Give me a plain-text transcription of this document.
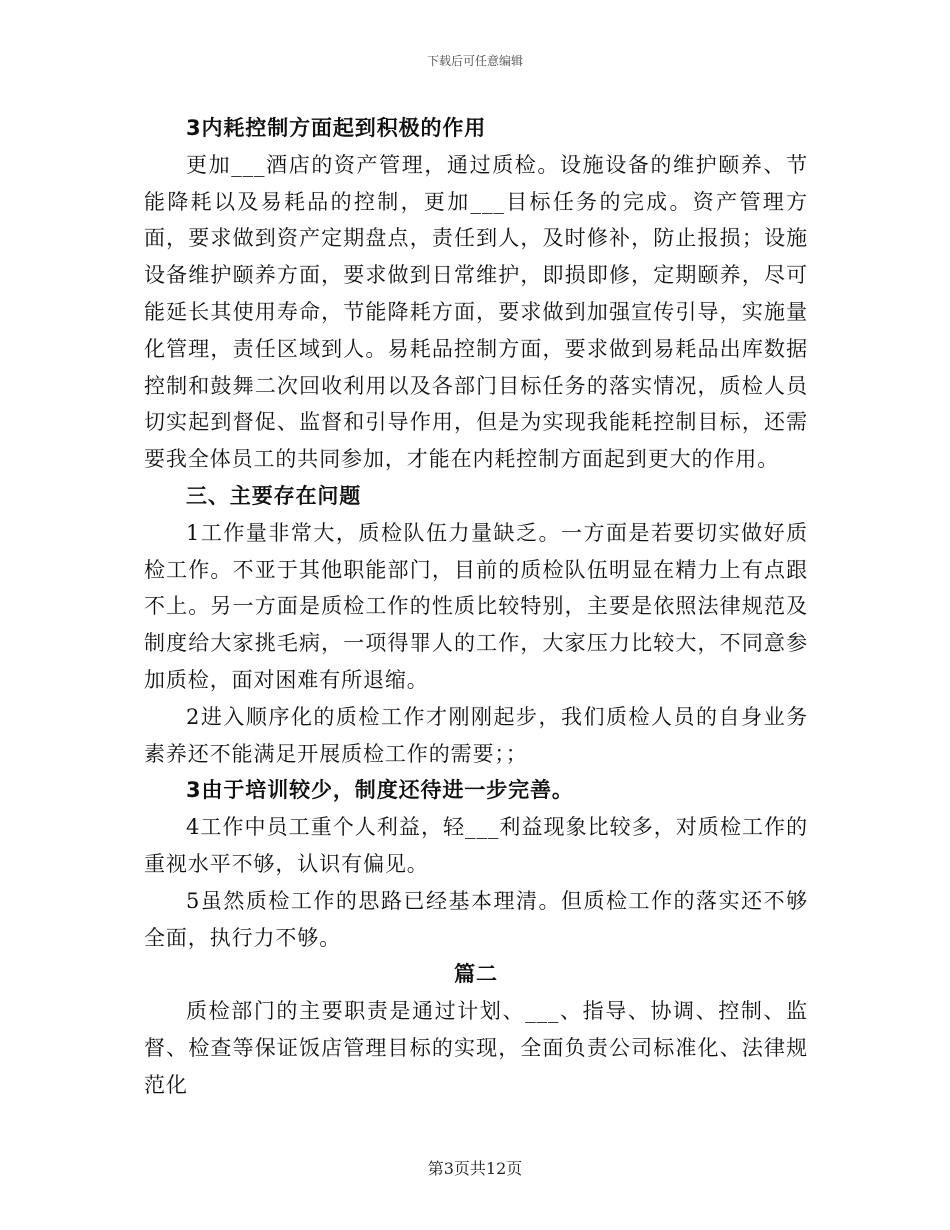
下载后可任意编辑

3内耗控制方面起到积极的作用

更加___酒店的资产管理，通过质检。设施设备的维护颐养、节能降耗以及易耗品的控制，更加___目标任务的完成。资产管理方面，要求做到资产定期盘点，责任到人，及时修补，防止报损；设施设备维护颐养方面，要求做到日常维护，即损即修，定期颐养，尽可能延长其使用寿命，节能降耗方面，要求做到加强宣传引导，实施量化管理，责任区域到人。易耗品控制方面，要求做到易耗品出库数据控制和鼓舞二次回收利用以及各部门目标任务的落实情况，质检人员切实起到督促、监督和引导作用，但是为实现我能耗控制目标，还需要我全体员工的共同参加，才能在内耗控制方面起到更大的作用。

三、主要存在问题

1工作量非常大，质检队伍力量缺乏。一方面是若要切实做好质检工作。不亚于其他职能部门，目前的质检队伍明显在精力上有点跟不上。另一方面是质检工作的性质比较特别，主要是依照法律规范及制度给大家挑毛病，一项得罪人的工作，大家压力比较大，不同意参加质检，面对困难有所退缩。

2进入顺序化的质检工作才刚刚起步，我们质检人员的自身业务素养还不能满足开展质检工作的需要；；

3由于培训较少，制度还待进一步完善。

4工作中员工重个人利益，轻___利益现象比较多，对质检工作的重视水平不够，认识有偏见。

5虽然质检工作的思路已经基本理清。但质检工作的落实还不够全面，执行力不够。

篇二

质检部门的主要职责是通过计划、___、指导、协调、控制、监督、检查等保证饭店管理目标的实现，全面负责公司标准化、法律规范化

第3页共12页
